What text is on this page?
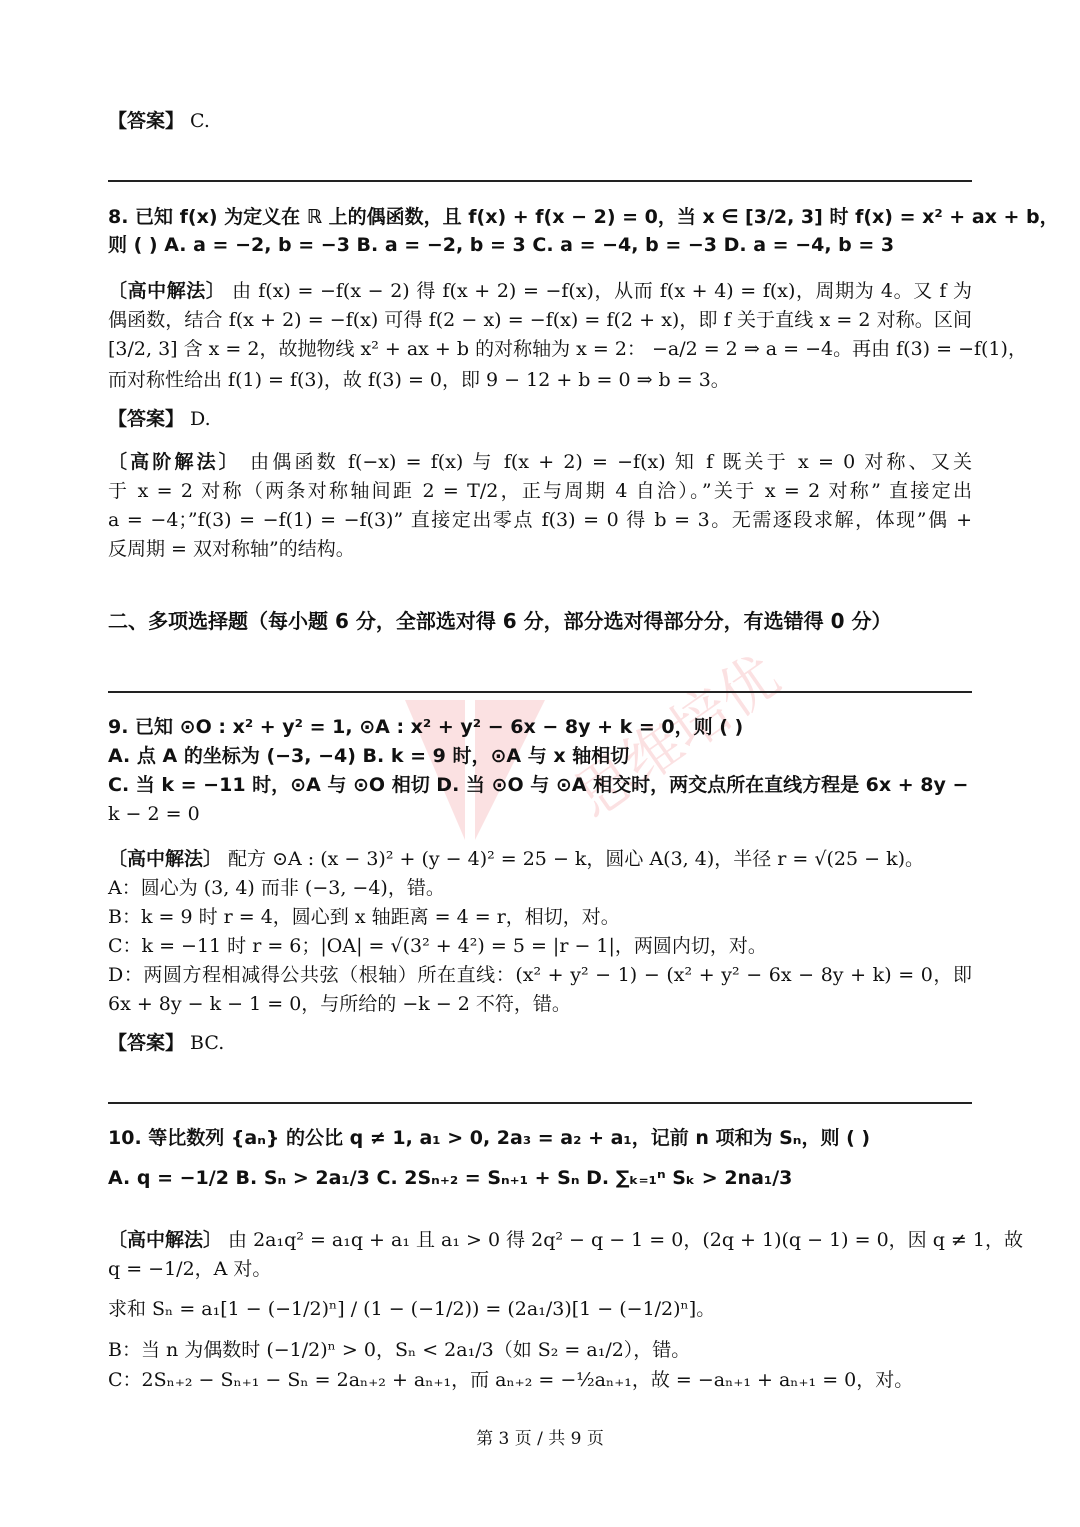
思维培优
【答案】 C.
8. 已知 f(x) 为定义在 ℝ 上的偶函数，且 f(x) + f(x − 2) = 0，当 x ∈ [3/2, 3] 时 f(x) = x² + ax + b，
则 ( ) A. a = −2, b = −3 B. a = −2, b = 3 C. a = −4, b = −3 D. a = −4, b = 3
〔高中解法〕 由 f(x) = −f(x − 2) 得 f(x + 2) = −f(x)，从而 f(x + 4) = f(x)，周期为 4。又 f 为
偶函数，结合 f(x + 2) = −f(x) 可得 f(2 − x) = −f(x) = f(2 + x)，即 f 关于直线 x = 2 对称。区间
[3/2, 3] 含 x = 2，故抛物线 x² + ax + b 的对称轴为 x = 2： −a/2 = 2 ⇒ a = −4。再由 f(3) = −f(1)，
而对称性给出 f(1) = f(3)，故 f(3) = 0，即 9 − 12 + b = 0 ⇒ b = 3。
【答案】 D.
〔高阶解法〕 由偶函数 f(−x) = f(x) 与 f(x + 2) = −f(x) 知 f 既关于 x = 0 对称、又关
于 x = 2 对称（两条对称轴间距 2 = T/2，正与周期 4 自洽）。”关于 x = 2 对称” 直接定出
a = −4；”f(3) = −f(1) = −f(3)” 直接定出零点 f(3) = 0 得 b = 3。无需逐段求解，体现”偶 +
反周期 = 双对称轴”的结构。
二、多项选择题（每小题 6 分，全部选对得 6 分，部分选对得部分分，有选错得 0 分）
9. 已知 ⊙O : x² + y² = 1, ⊙A : x² + y² − 6x − 8y + k = 0，则 ( )
A. 点 A 的坐标为 (−3, −4) B. k = 9 时，⊙A 与 x 轴相切
C. 当 k = −11 时，⊙A 与 ⊙O 相切 D. 当 ⊙O 与 ⊙A 相交时，两交点所在直线方程是 6x + 8y −
k − 2 = 0
〔高中解法〕 配方 ⊙A : (x − 3)² + (y − 4)² = 25 − k，圆心 A(3, 4)，半径 r = √(25 − k)。
A：圆心为 (3, 4) 而非 (−3, −4)，错。
B：k = 9 时 r = 4，圆心到 x 轴距离 = 4 = r，相切，对。
C：k = −11 时 r = 6；|OA| = √(3² + 4²) = 5 = |r − 1|，两圆内切，对。
D：两圆方程相减得公共弦（根轴）所在直线：(x² + y² − 1) − (x² + y² − 6x − 8y + k) = 0，即
6x + 8y − k − 1 = 0，与所给的 −k − 2 不符，错。
【答案】 BC.
10. 等比数列 {aₙ} 的公比 q ≠ 1, a₁ > 0, 2a₃ = a₂ + a₁，记前 n 项和为 Sₙ，则 ( )
A. q = −1/2 B. Sₙ > 2a₁/3 C. 2Sₙ₊₂ = Sₙ₊₁ + Sₙ D. ∑ₖ₌₁ⁿ Sₖ > 2na₁/3
〔高中解法〕 由 2a₁q² = a₁q + a₁ 且 a₁ > 0 得 2q² − q − 1 = 0，(2q + 1)(q − 1) = 0，因 q ≠ 1，故
q = −1/2，A 对。
求和 Sₙ = a₁[1 − (−1/2)ⁿ] / (1 − (−1/2)) = (2a₁/3)[1 − (−1/2)ⁿ]。
B：当 n 为偶数时 (−1/2)ⁿ > 0，Sₙ < 2a₁/3（如 S₂ = a₁/2），错。
C：2Sₙ₊₂ − Sₙ₊₁ − Sₙ = 2aₙ₊₂ + aₙ₊₁，而 aₙ₊₂ = −½aₙ₊₁，故 = −aₙ₊₁ + aₙ₊₁ = 0，对。
第 3 页 / 共 9 页
